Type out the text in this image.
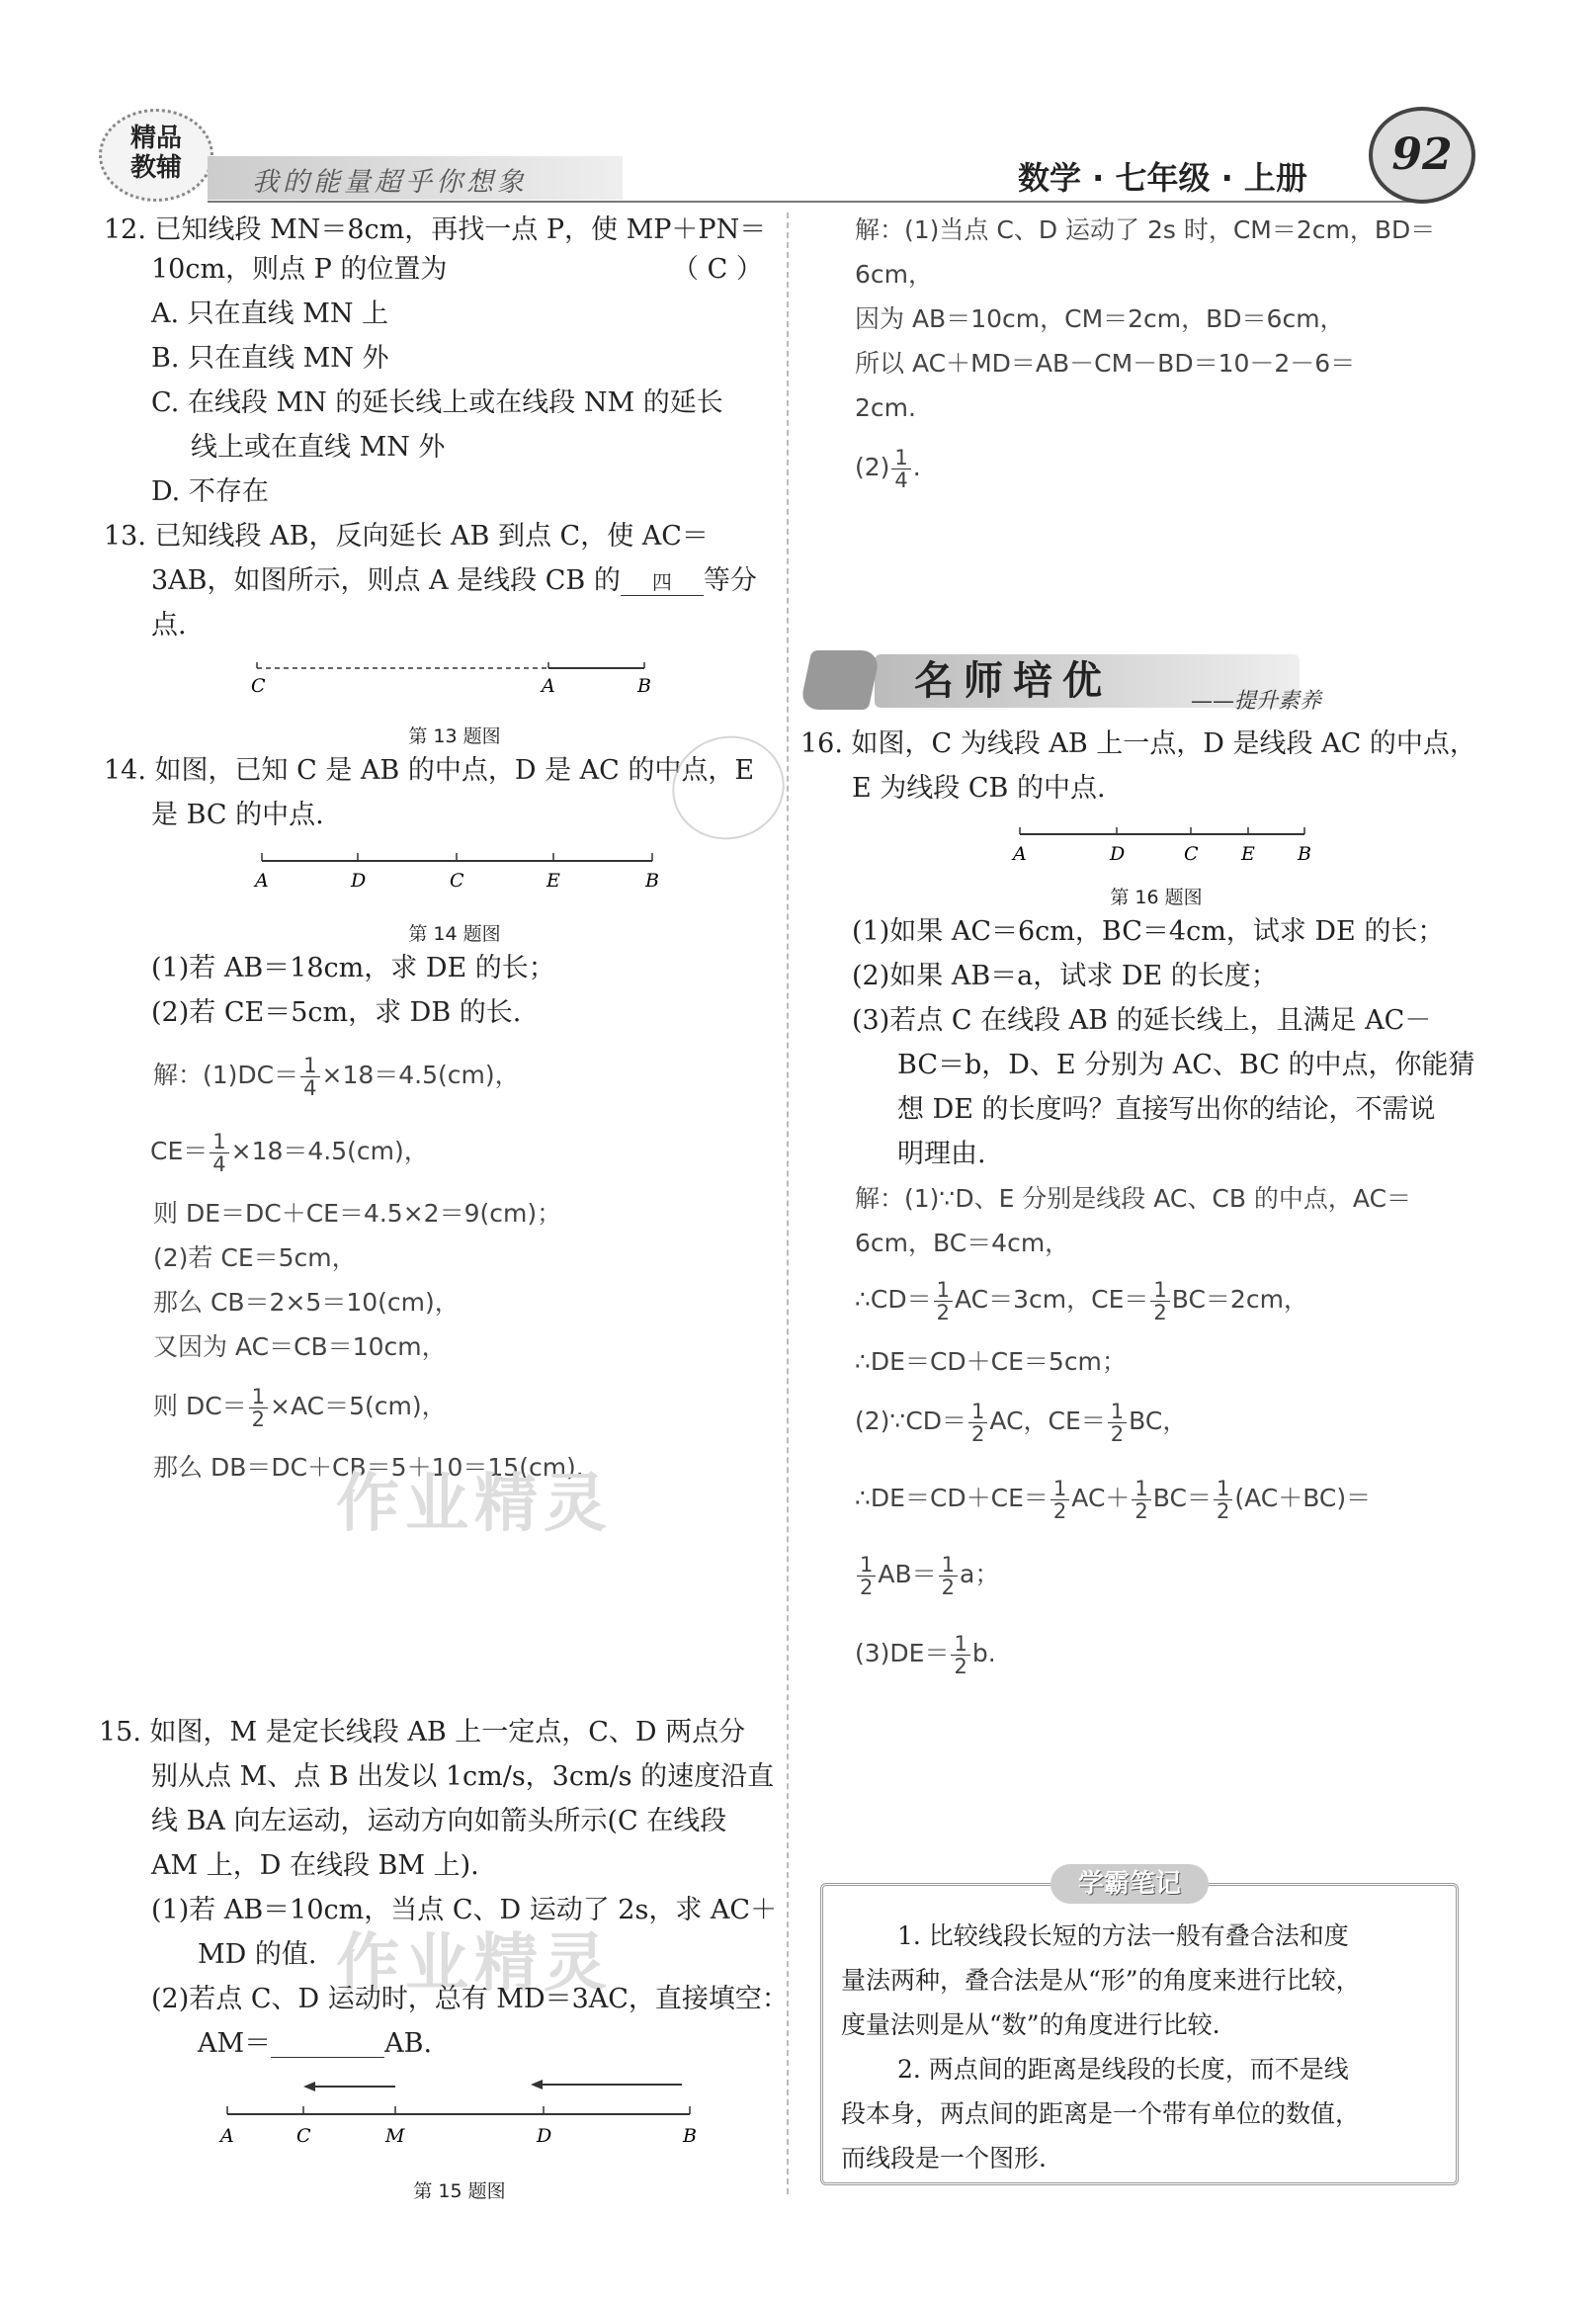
精品
教辅	我的能量超乎你想象	数学 · 七年级 · 上册	92
12. 已知线段 MN＝8cm，再找一点 P，使 MP＋PN＝
10cm，则点 P 的位置为	（ C ）
A. 只在直线 MN 上
B. 只在直线 MN 外
C. 在线段 MN 的延长线上或在线段 NM 的延长
线上或在直线 MN 外
D. 不存在
13. 已知线段 AB，反向延长 AB 到点 C，使 AC＝
3AB，如图所示，则点 A 是线段 CB 的 四 等分
点.
C	A	B
第 13 题图
14. 如图，已知 C 是 AB 的中点，D 是 AC 的中点，E
是 BC 的中点.
A	D	C	E	B
第 14 题图
(1)若 AB＝18cm，求 DE 的长；
(2)若 CE＝5cm，求 DB 的长.
解：$(1)DC= \frac{1}{4} \times 18=4.5(cm)$，
$CE= \frac{1}{4} \times 18=4.5(cm)$，
则 DE＝DC＋CE＝4.5×2＝9(cm)；
(2)若 CE＝5cm，
那么 CB＝2×5＝10(cm)，
又因为 AC＝CB＝10cm，
则 $DC= \frac{1}{2} \times AC=5(cm)$，
那么 DB＝DC＋CB＝5＋10＝15(cm).
作业精灵
15. 如图，M 是定长线段 AB 上一定点，C、D 两点分
别从点 M、点 B 出发以 1cm/s，3cm/s 的速度沿直
线 BA 向左运动，运动方向如箭头所示(C 在线段
AM 上，D 在线段 BM 上).
(1)若 AB＝10cm，当点 C、D 运动了 2s，求 AC＋
MD 的值. 作业精灵
(2)若点 C、D 运动时，总有 MD＝3AC，直接填空：
AM＝	AB.
A	C	M	D	B
第 15 题图
解：(1)当点 C、D 运动了 2s 时，CM＝2cm，BD＝
6cm，
因为 AB＝10cm，CM＝2cm，BD＝6cm，
所以 AC＋MD＝AB－CM－BD＝10－2－6＝
2cm.
$(2) \frac{1}{4}$ .
名师培优	——提升素养
16. 如图，C 为线段 AB 上一点，D 是线段 AC 的中点，
E 为线段 CB 的中点.
A	D	C E B
第 16 题图
(1)如果 AC＝6cm，BC＝4cm，试求 DE 的长；
(2)如果 AB＝a，试求 DE 的长度；
(3)若点 C 在线段 AB 的延长线上，且满足 AC－
BC＝b，D、E 分别为 AC、BC 的中点，你能猜
想 DE 的长度吗？直接写出你的结论，不需说
明理由.
解：(1)∵D、E 分别是线段 AC、CB 的中点，AC＝
6cm，BC＝4cm，
∴CD＝ $\frac{1}{2} AC=3cm$，$CE= \frac{1}{2} BC=2cm$，
∴DE＝CD＋CE＝5cm；
(2)∵CD＝ $\frac{1}{2}$ AC，$CE= \frac{1}{2}$ BC，
∴DE＝CD＋CE＝ $\frac{1}{2} AC+ \frac{1}{2} BC= \frac{1}{2} (AC+BC)=$
$\frac{1}{2} AB= \frac{1}{2}$ a；
$(3)DE= \frac{1}{2} b$.
学霸笔记
1. 比较线段长短的方法一般有叠合法和度
量法两种，叠合法是从“形”的角度来进行比较，
度量法则是从“数”的角度进行比较.
2. 两点间的距离是线段的长度，而不是线
段本身，两点间的距离是一个带有单位的数值，
而线段是一个图形.
